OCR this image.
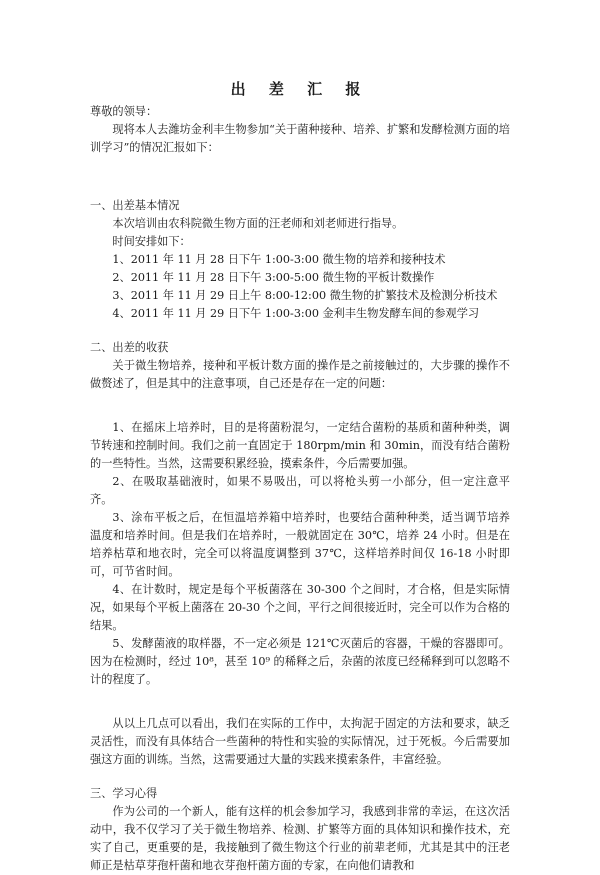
出 差 汇 报

尊敬的领导：

现将本人去潍坊金利丰生物参加“关于菌种接种、培养、扩繁和发酵检测方面的培训学习”的情况汇报如下：

一、出差基本情况

本次培训由农科院微生物方面的汪老师和刘老师进行指导。

时间安排如下：

1、2011 年 11 月 28 日下午 1:00-3:00 微生物的培养和接种技术

2、2011 年 11 月 28 日下午 3:00-5:00 微生物的平板计数操作

3、2011 年 11 月 29 日上午 8:00-12:00 微生物的扩繁技术及检测分析技术

4、2011 年 11 月 29 日下午 1:00-3:00 金利丰生物发酵车间的参观学习

二、出差的收获

关于微生物培养，接种和平板计数方面的操作是之前接触过的，大步骤的操作不做赘述了，但是其中的注意事项，自己还是存在一定的问题：

1、在摇床上培养时，目的是将菌粉混匀，一定结合菌粉的基质和菌种种类，调节转速和控制时间。我们之前一直固定于 180rpm/min 和 30min，而没有结合菌粉的一些特性。当然，这需要积累经验，摸索条件，今后需要加强。

2、在吸取基础液时，如果不易吸出，可以将枪头剪一小部分，但一定注意平齐。

3、涂布平板之后，在恒温培养箱中培养时，也要结合菌种种类，适当调节培养温度和培养时间。但是我们在培养时，一般就固定在 30℃，培养 24 小时。但是在培养枯草和地衣时，完全可以将温度调整到 37℃，这样培养时间仅 16-18 小时即可，可节省时间。

4、在计数时，规定是每个平板菌落在 30-300 个之间时，才合格，但是实际情况，如果每个平板上菌落在 20-30 个之间，平行之间很接近时，完全可以作为合格的结果。

5、发酵菌液的取样器，不一定必须是 121℃灭菌后的容器，干燥的容器即可。因为在检测时，经过 10⁸，甚至 10⁹ 的稀释之后，杂菌的浓度已经稀释到可以忽略不计的程度了。

从以上几点可以看出，我们在实际的工作中，太拘泥于固定的方法和要求，缺乏灵活性，而没有具体结合一些菌种的特性和实验的实际情况，过于死板。今后需要加强这方面的训练。当然，这需要通过大量的实践来摸索条件，丰富经验。

三、学习心得

作为公司的一个新人，能有这样的机会参加学习，我感到非常的幸运，在这次活动中，我不仅学习了关于微生物培养、检测、扩繁等方面的具体知识和操作技术，充实了自己，更重要的是，我接触到了微生物这个行业的前辈老师，尤其是其中的汪老师正是枯草芽孢杆菌和地衣芽孢杆菌方面的专家，在向他们请教和
